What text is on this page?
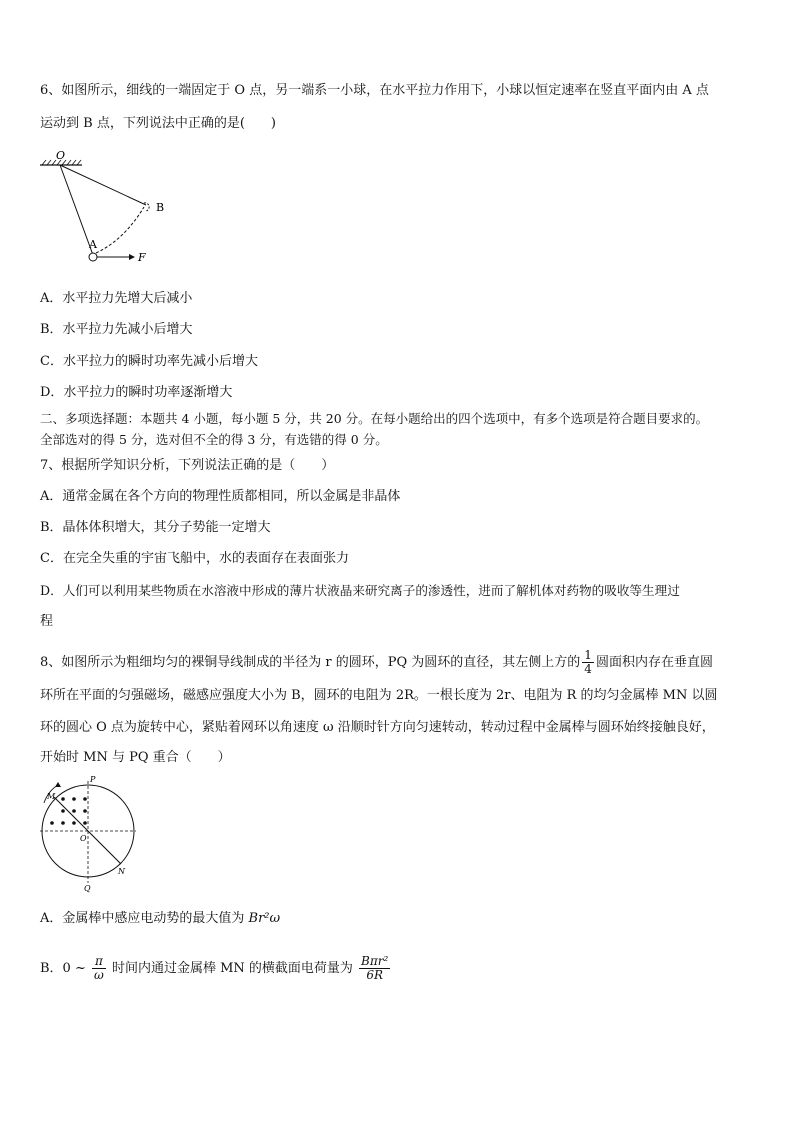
6、如图所示，细线的一端固定于 O 点，另一端系一小球，在水平拉力作用下，小球以恒定速率在竖直平面内由 A 点
运动到 B 点，下列说法中正确的是(　　)
O
A
B
F
A．水平拉力先增大后减小
B．水平拉力先减小后增大
C．水平拉力的瞬时功率先减小后增大
D．水平拉力的瞬时功率逐渐增大
二、多项选择题：本题共 4 小题，每小题 5 分，共 20 分。在每小题给出的四个选项中，有多个选项是符合题目要求的。
全部选对的得 5 分，选对但不全的得 3 分，有选错的得 0 分。
7、根据所学知识分析，下列说法正确的是（　　）
A．通常金属在各个方向的物理性质都相同，所以金属是非晶体
B．晶体体积增大，其分子势能一定增大
C．在完全失重的宇宙飞船中，水的表面存在表面张力
D．人们可以利用某些物质在水溶液中形成的薄片状液晶来研究离子的渗透性，进而了解机体对药物的吸收等生理过
程
8、如图所示为粗细均匀的裸铜导线制成的半径为 r 的圆环，PQ 为圆环的直径，其左侧上方的 $\frac{1}{4}$ 圆面积内存在垂直圆
环所在平面的匀强磁场，磁感应强度大小为 B，圆环的电阻为 2R。一根长度为 2r、电阻为 R 的均匀金属棒 MN 以圆
环的圆心 O 点为旋转中心，紧贴着网环以角速度 ω 沿顺时针方向匀速转动，转动过程中金属棒与圆环始终接触良好，
开始时 MN 与 PQ 重合（　　）
P
Q
M
N
O
A．金属棒中感应电动势的最大值为 Br²ω
B．0 ~ $\frac{\pi}{\omega}$ 时间内通过金属棒 MN 的横截面电荷量为 $\frac{\text{Bπr²}}{6R}$
